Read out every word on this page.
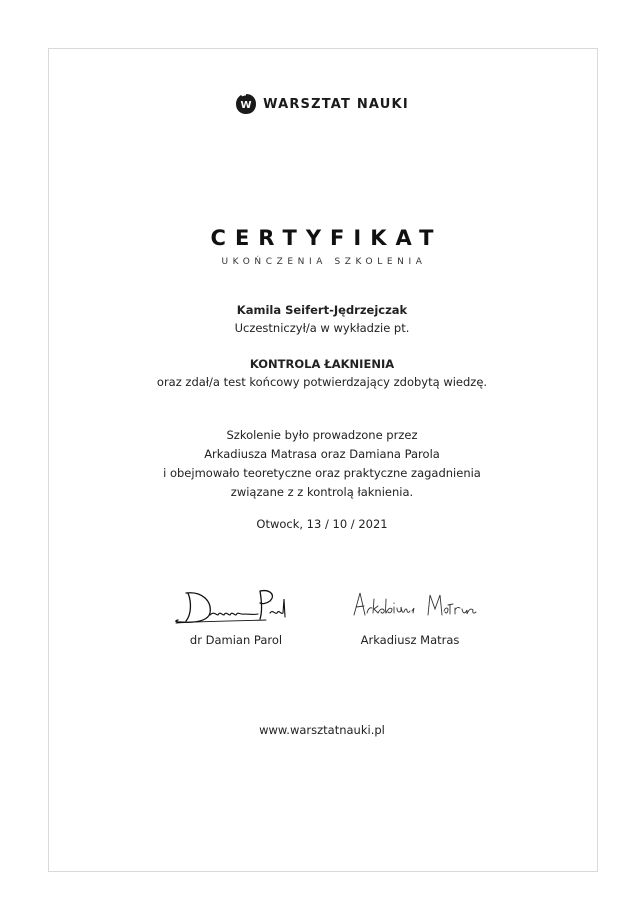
W WARSZTAT NAUKI
CERTYFIKAT
UKOŃCZENIA SZKOLENIA
Kamila Seifert-Jędrzejczak
Uczestniczył/a w wykładzie pt.
KONTROLA ŁAKNIENIA
oraz zdał/a test końcowy potwierdzający zdobytą wiedzę.
Szkolenie było prowadzone przez
Arkadiusza Matrasa oraz Damiana Parola
i obejmowało teoretyczne oraz praktyczne zagadnienia
związane z z kontrolą łaknienia.
Otwock, 13 / 10 / 2021
dr Damian Parol	Arkadiusz Matras
www.warsztatnauki.pl
